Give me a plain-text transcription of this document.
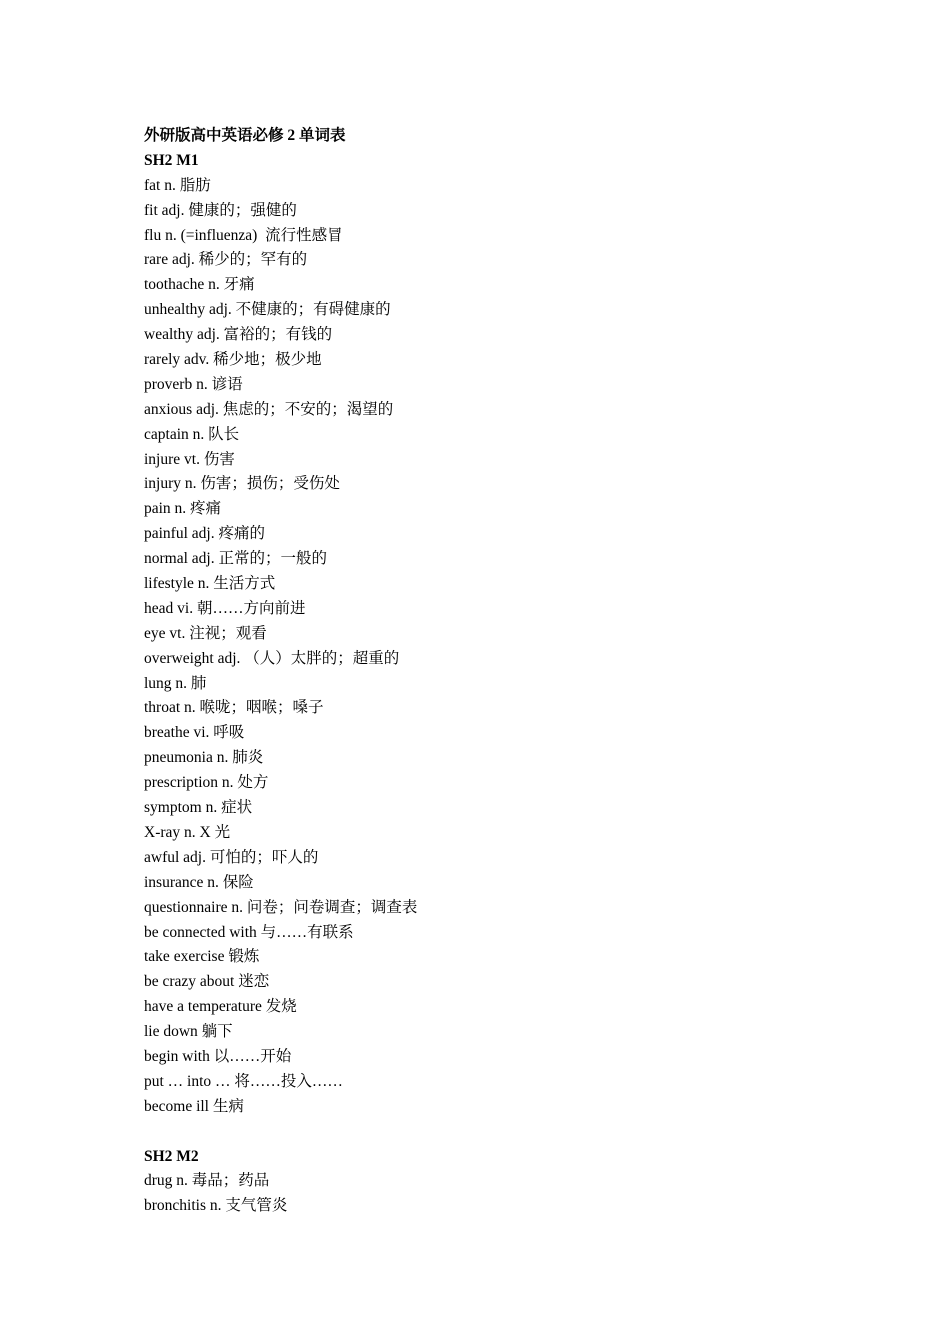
外研版高中英语必修 2 单词表
SH2 M1
fat n. 脂肪
fit adj. 健康的；强健的
flu n. (=influenza)  流行性感冒
rare adj. 稀少的；罕有的
toothache n. 牙痛
unhealthy adj. 不健康的；有碍健康的
wealthy adj. 富裕的；有钱的
rarely adv. 稀少地；极少地
proverb n. 谚语
anxious adj. 焦虑的；不安的；渴望的
captain n. 队长
injure vt. 伤害
injury n. 伤害；损伤；受伤处
pain n. 疼痛
painful adj. 疼痛的
normal adj. 正常的；一般的
lifestyle n. 生活方式
head vi. 朝……方向前进
eye vt. 注视；观看
overweight adj. （人）太胖的；超重的
lung n. 肺
throat n. 喉咙；咽喉；嗓子
breathe vi. 呼吸
pneumonia n. 肺炎
prescription n. 处方
symptom n. 症状
X-ray n. X 光
awful adj. 可怕的；吓人的
insurance n. 保险
questionnaire n. 问卷；问卷调查；调查表
be connected with 与……有联系
take exercise 锻炼
be crazy about 迷恋
have a temperature 发烧
lie down 躺下
begin with 以……开始
put … into … 将……投入……
become ill 生病
SH2 M2
drug n. 毒品；药品
bronchitis n. 支气管炎
